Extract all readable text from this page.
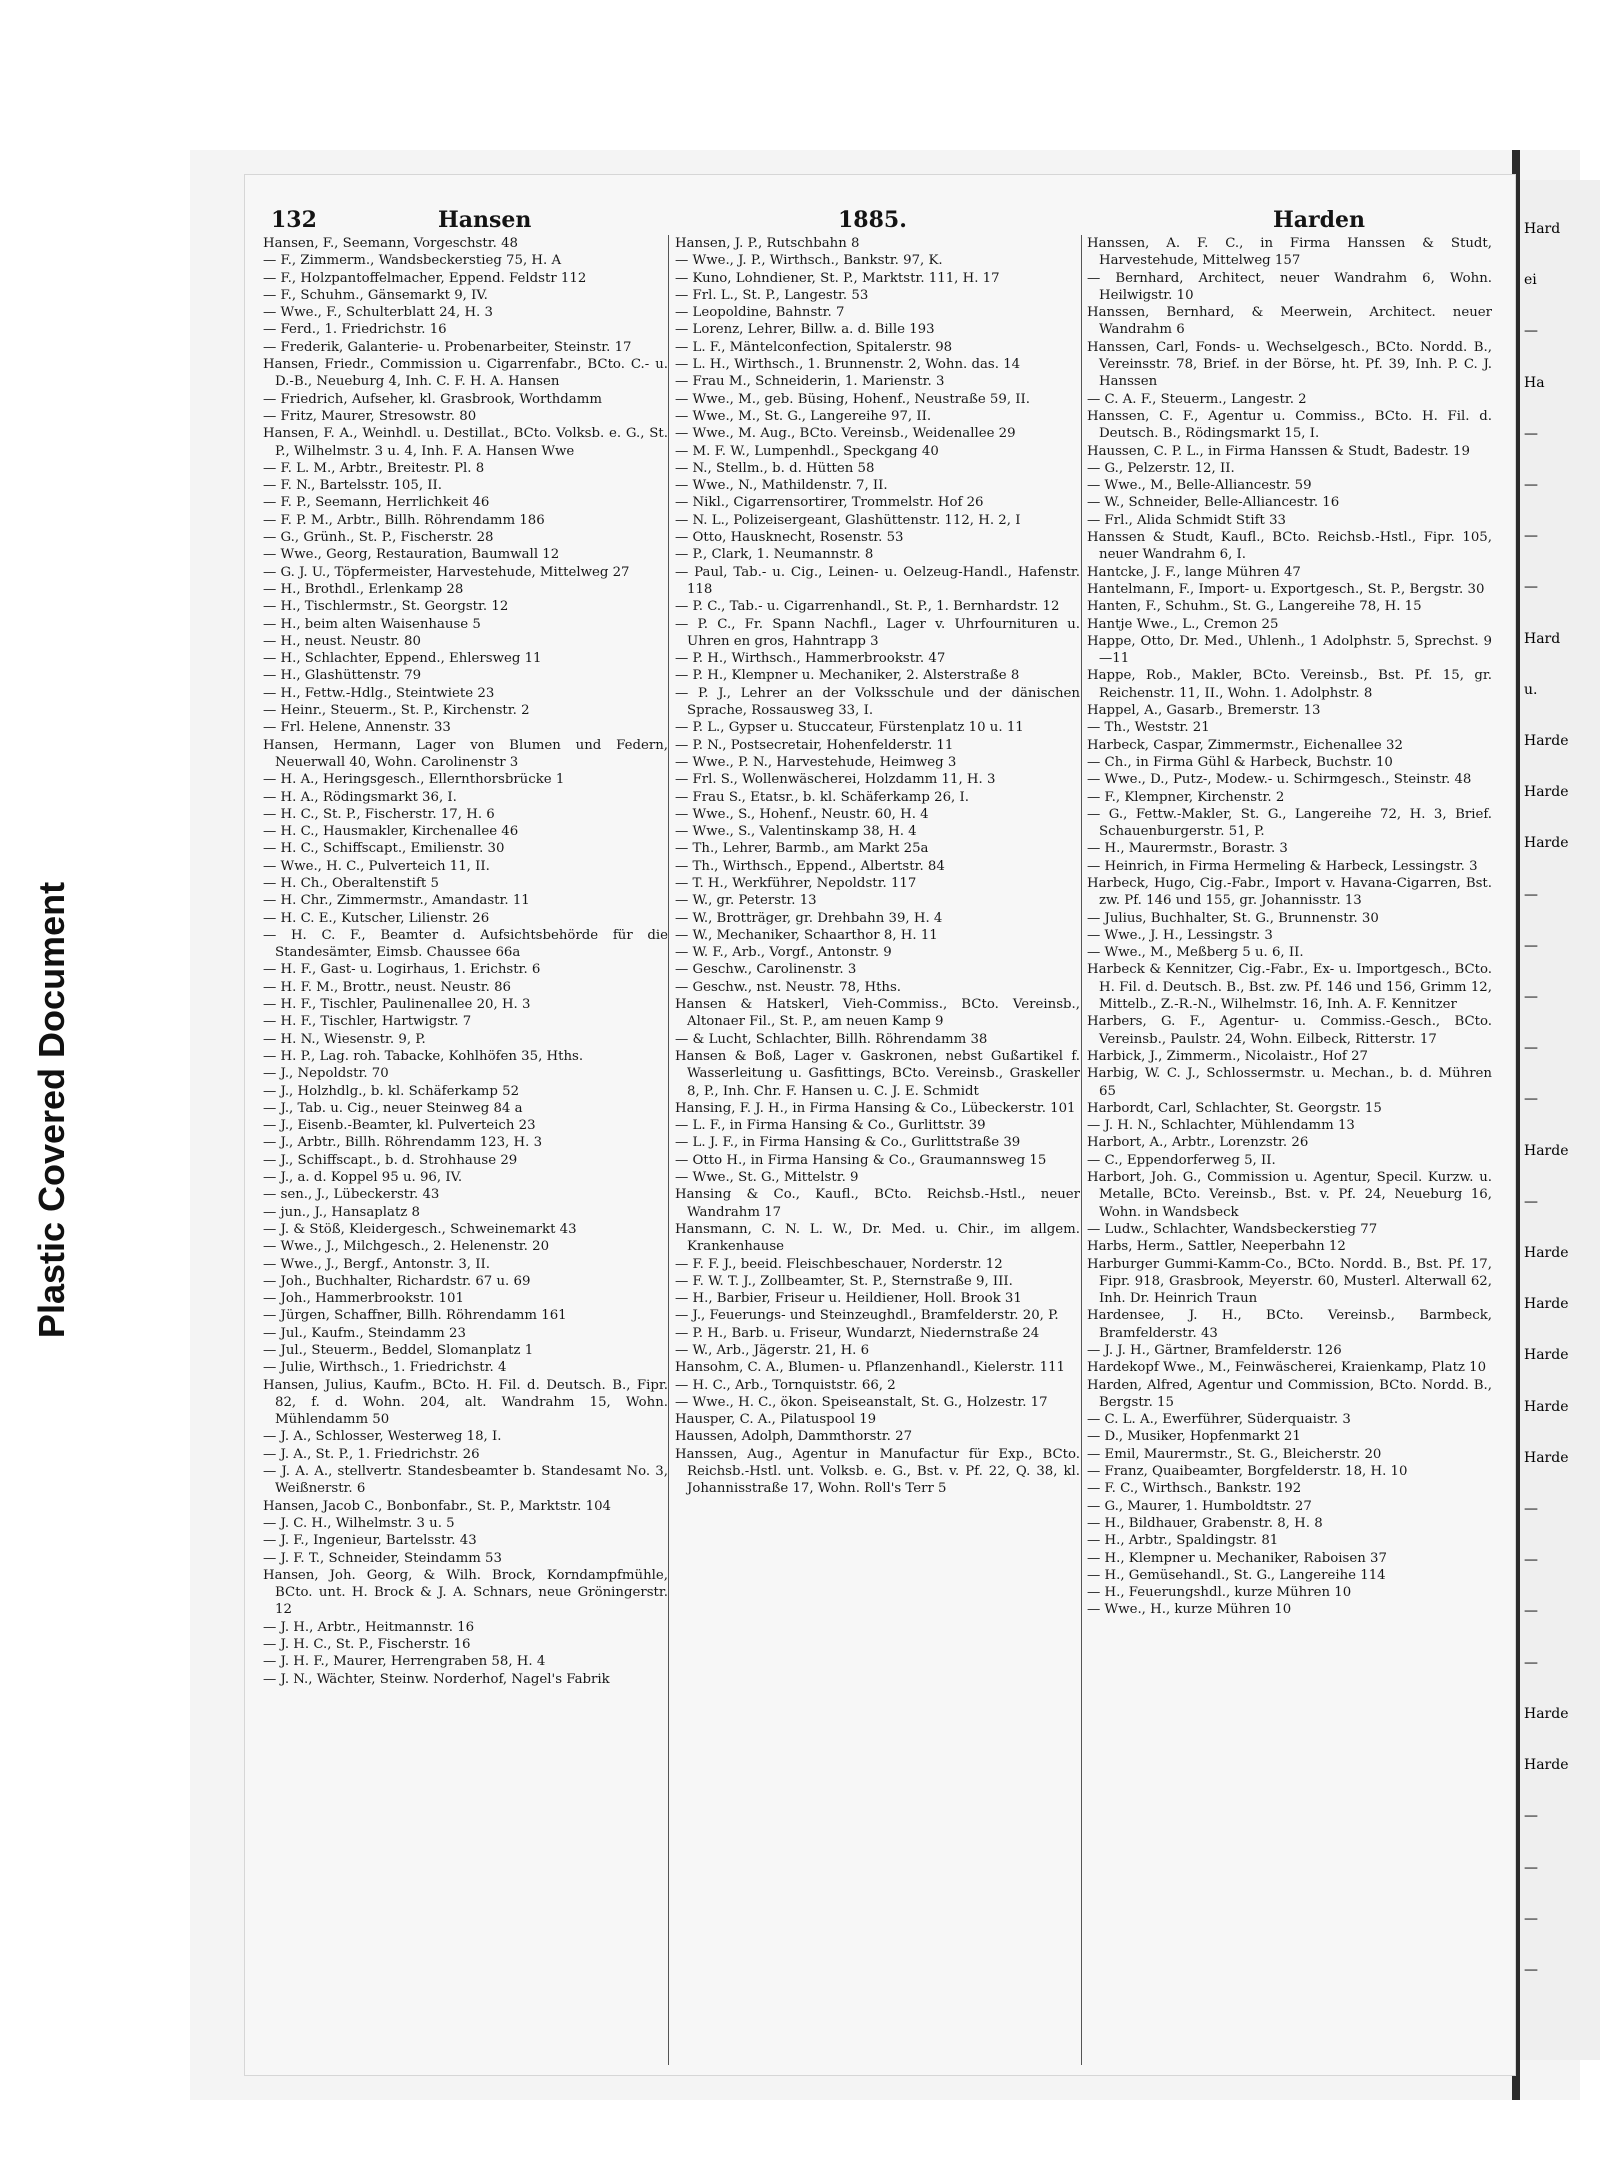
Plastic Covered Document
Hard
ei
—
Ha
—
—
—
—
Hard
u.
Harde
Harde
Harde
—
—
—
—
—
Harde
—
Harde
Harde
Harde
Harde
Harde
—
—
—
—
Harde
Harde
—
—
—
—
132	Hansen	1885.	Harden

Hansen, F., Seemann, Vorgeschstr. 48

— F., Zimmerm., Wandsbeckerstieg 75, H. A

— F., Holzpantoffelmacher, Eppend. Feldstr 112

— F., Schuhm., Gänsemarkt 9, IV.

— Wwe., F., Schulterblatt 24, H. 3

— Ferd., 1. Friedrichstr. 16

— Frederik, Galanterie- u. Probenarbeiter, Steinstr. 17

Hansen, Friedr., Commission u. Cigarrenfabr., BCto. C.- u. D.-B., Neueburg 4, Inh. C. F. H. A. Hansen

— Friedrich, Aufseher, kl. Grasbrook, Worthdamm

— Fritz, Maurer, Stresowstr. 80

Hansen, F. A., Weinhdl. u. Destillat., BCto. Volksb. e. G., St. P., Wilhelmstr. 3 u. 4, Inh. F. A. Hansen Wwe

— F. L. M., Arbtr., Breitestr. Pl. 8

— F. N., Bartelsstr. 105, II.

— F. P., Seemann, Herrlichkeit 46

— F. P. M., Arbtr., Billh. Röhrendamm 186

— G., Grünh., St. P., Fischerstr. 28

— Wwe., Georg, Restauration, Baumwall 12

— G. J. U., Töpfermeister, Harvestehude, Mittelweg 27

— H., Brothdl., Erlenkamp 28

— H., Tischlermstr., St. Georgstr. 12

— H., beim alten Waisenhause 5

— H., neust. Neustr. 80

— H., Schlachter, Eppend., Ehlersweg 11

— H., Glashüttenstr. 79

— H., Fettw.-Hdlg., Steintwiete 23

— Heinr., Steuerm., St. P., Kirchenstr. 2

— Frl. Helene, Annenstr. 33

Hansen, Hermann, Lager von Blumen und Federn, Neuerwall 40, Wohn. Carolinenstr 3

— H. A., Heringsgesch., Ellernthorsbrücke 1

— H. A., Rödingsmarkt 36, I.

— H. C., St. P., Fischerstr. 17, H. 6

— H. C., Hausmakler, Kirchenallee 46

— H. C., Schiffscapt., Emilienstr. 30

— Wwe., H. C., Pulverteich 11, II.

— H. Ch., Oberaltenstift 5

— H. Chr., Zimmermstr., Amandastr. 11

— H. C. E., Kutscher, Lilienstr. 26

— H. C. F., Beamter d. Aufsichtsbehörde für die Standesämter, Eimsb. Chaussee 66a

— H. F., Gast- u. Logirhaus, 1. Erichstr. 6

— H. F. M., Brottr., neust. Neustr. 86

— H. F., Tischler, Paulinenallee 20, H. 3

— H. F., Tischler, Hartwigstr. 7

— H. N., Wiesenstr. 9, P.

— H. P., Lag. roh. Tabacke, Kohlhöfen 35, Hths.

— J., Nepoldstr. 70

— J., Holzhdlg., b. kl. Schäferkamp 52

— J., Tab. u. Cig., neuer Steinweg 84 a

— J., Eisenb.-Beamter, kl. Pulverteich 23

— J., Arbtr., Billh. Röhrendamm 123, H. 3

— J., Schiffscapt., b. d. Strohhause 29

— J., a. d. Koppel 95 u. 96, IV.

— sen., J., Lübeckerstr. 43

— jun., J., Hansaplatz 8

— J. & Stöß, Kleidergesch., Schweinemarkt 43

— Wwe., J., Milchgesch., 2. Helenenstr. 20

— Wwe., J., Bergf., Antonstr. 3, II.

— Joh., Buchhalter, Richardstr. 67 u. 69

— Joh., Hammerbrookstr. 101

— Jürgen, Schaffner, Billh. Röhrendamm 161

— Jul., Kaufm., Steindamm 23

— Jul., Steuerm., Beddel, Slomanplatz 1

— Julie, Wirthsch., 1. Friedrichstr. 4

Hansen, Julius, Kaufm., BCto. H. Fil. d. Deutsch. B., Fipr. 82, f. d. Wohn. 204, alt. Wandrahm 15, Wohn. Mühlendamm 50

— J. A., Schlosser, Westerweg 18, I.

— J. A., St. P., 1. Friedrichstr. 26

— J. A. A., stellvertr. Standesbeamter b. Standesamt No. 3, Weißnerstr. 6

Hansen, Jacob C., Bonbonfabr., St. P., Marktstr. 104

— J. C. H., Wilhelmstr. 3 u. 5

— J. F., Ingenieur, Bartelsstr. 43

— J. F. T., Schneider, Steindamm 53

Hansen, Joh. Georg, & Wilh. Brock, Korndampfmühle, BCto. unt. H. Brock & J. A. Schnars, neue Gröningerstr. 12

— J. H., Arbtr., Heitmannstr. 16

— J. H. C., St. P., Fischerstr. 16

— J. H. F., Maurer, Herrengraben 58, H. 4

— J. N., Wächter, Steinw. Norderhof, Nagel's Fabrik

Hansen, J. P., Rutschbahn 8

— Wwe., J. P., Wirthsch., Bankstr. 97, K.

— Kuno, Lohndiener, St. P., Marktstr. 111, H. 17

— Frl. L., St. P., Langestr. 53

— Leopoldine, Bahnstr. 7

— Lorenz, Lehrer, Billw. a. d. Bille 193

— L. F., Mäntelconfection, Spitalerstr. 98

— L. H., Wirthsch., 1. Brunnenstr. 2, Wohn. das. 14

— Frau M., Schneiderin, 1. Marienstr. 3

— Wwe., M., geb. Büsing, Hohenf., Neustraße 59, II.

— Wwe., M., St. G., Langereihe 97, II.

— Wwe., M. Aug., BCto. Vereinsb., Weidenallee 29

— M. F. W., Lumpenhdl., Speckgang 40

— N., Stellm., b. d. Hütten 58

— Wwe., N., Mathildenstr. 7, II.

— Nikl., Cigarrensortirer, Trommelstr. Hof 26

— N. L., Polizeisergeant, Glashüttenstr. 112, H. 2, I

— Otto, Hausknecht, Rosenstr. 53

— P., Clark, 1. Neumannstr. 8

— Paul, Tab.- u. Cig., Leinen- u. Oelzeug-Handl., Hafenstr. 118

— P. C., Tab.- u. Cigarrenhandl., St. P., 1. Bernhardstr. 12

— P. C., Fr. Spann Nachfl., Lager v. Uhrfournituren u. Uhren en gros, Hahntrapp 3

— P. H., Wirthsch., Hammerbrookstr. 47

— P. H., Klempner u. Mechaniker, 2. Alsterstraße 8

— P. J., Lehrer an der Volksschule und der dänischen Sprache, Rossausweg 33, I.

— P. L., Gypser u. Stuccateur, Fürstenplatz 10 u. 11

— P. N., Postsecretair, Hohenfelderstr. 11

— Wwe., P. N., Harvestehude, Heimweg 3

— Frl. S., Wollenwäscherei, Holzdamm 11, H. 3

— Frau S., Etatsr., b. kl. Schäferkamp 26, I.

— Wwe., S., Hohenf., Neustr. 60, H. 4

— Wwe., S., Valentinskamp 38, H. 4

— Th., Lehrer, Barmb., am Markt 25a

— Th., Wirthsch., Eppend., Albertstr. 84

— T. H., Werkführer, Nepoldstr. 117

— W., gr. Peterstr. 13

— W., Brotträger, gr. Drehbahn 39, H. 4

— W., Mechaniker, Schaarthor 8, H. 11

— W. F., Arb., Vorgf., Antonstr. 9

— Geschw., Carolinenstr. 3

— Geschw., nst. Neustr. 78, Hths.

Hansen & Hatskerl, Vieh-Commiss., BCto. Vereinsb., Altonaer Fil., St. P., am neuen Kamp 9

— & Lucht, Schlachter, Billh. Röhrendamm 38

Hansen & Boß, Lager v. Gaskronen, nebst Gußartikel f. Wasserleitung u. Gasfittings, BCto. Vereinsb., Graskeller 8, P., Inh. Chr. F. Hansen u. C. J. E. Schmidt

Hansing, F. J. H., in Firma Hansing & Co., Lübeckerstr. 101

— L. F., in Firma Hansing & Co., Gurlittstr. 39

— L. J. F., in Firma Hansing & Co., Gurlittstraße 39

— Otto H., in Firma Hansing & Co., Graumannsweg 15

— Wwe., St. G., Mittelstr. 9

Hansing & Co., Kaufl., BCto. Reichsb.-Hstl., neuer Wandrahm 17

Hansmann, C. N. L. W., Dr. Med. u. Chir., im allgem. Krankenhause

— F. F. J., beeid. Fleischbeschauer, Norderstr. 12

— F. W. T. J., Zollbeamter, St. P., Sternstraße 9, III.

— H., Barbier, Friseur u. Heildiener, Holl. Brook 31

— J., Feuerungs- und Steinzeughdl., Bramfelderstr. 20, P.

— P. H., Barb. u. Friseur, Wundarzt, Niedernstraße 24

— W., Arb., Jägerstr. 21, H. 6

Hansohm, C. A., Blumen- u. Pflanzenhandl., Kielerstr. 111

— H. C., Arb., Tornquiststr. 66, 2

— Wwe., H. C., ökon. Speiseanstalt, St. G., Holzestr. 17

Hausper, C. A., Pilatuspool 19

Haussen, Adolph, Dammthorstr. 27

Hanssen, Aug., Agentur in Manufactur für Exp., BCto. Reichsb.-Hstl. unt. Volksb. e. G., Bst. v. Pf. 22, Q. 38, kl. Johannisstraße 17, Wohn. Roll's Terr 5

Hanssen, A. F. C., in Firma Hanssen & Studt, Harvestehude, Mittelweg 157

— Bernhard, Architect, neuer Wandrahm 6, Wohn. Heilwigstr. 10

Hanssen, Bernhard, & Meerwein, Architect. neuer Wandrahm 6

Hanssen, Carl, Fonds- u. Wechselgesch., BCto. Nordd. B., Vereinsstr. 78, Brief. in der Börse, ht. Pf. 39, Inh. P. C. J. Hanssen

— C. A. F., Steuerm., Langestr. 2

Hanssen, C. F., Agentur u. Commiss., BCto. H. Fil. d. Deutsch. B., Rödingsmarkt 15, I.

Haussen, C. P. L., in Firma Hanssen & Studt, Badestr. 19

— G., Pelzerstr. 12, II.

— Wwe., M., Belle-Alliancestr. 59

— W., Schneider, Belle-Alliancestr. 16

— Frl., Alida Schmidt Stift 33

Hanssen & Studt, Kaufl., BCto. Reichsb.-Hstl., Fipr. 105, neuer Wandrahm 6, I.

Hantcke, J. F., lange Mühren 47

Hantelmann, F., Import- u. Exportgesch., St. P., Bergstr. 30

Hanten, F., Schuhm., St. G., Langereihe 78, H. 15

Hantje Wwe., L., Cremon 25

Happe, Otto, Dr. Med., Uhlenh., 1 Adolphstr. 5, Sprechst. 9—11

Happe, Rob., Makler, BCto. Vereinsb., Bst. Pf. 15, gr. Reichenstr. 11, II., Wohn. 1. Adolphstr. 8

Happel, A., Gasarb., Bremerstr. 13

— Th., Weststr. 21

Harbeck, Caspar, Zimmermstr., Eichenallee 32

— Ch., in Firma Gühl & Harbeck, Buchstr. 10

— Wwe., D., Putz-, Modew.- u. Schirmgesch., Steinstr. 48

— F., Klempner, Kirchenstr. 2

— G., Fettw.-Makler, St. G., Langereihe 72, H. 3, Brief. Schauenburgerstr. 51, P.

— H., Maurermstr., Borastr. 3

— Heinrich, in Firma Hermeling & Harbeck, Lessingstr. 3

Harbeck, Hugo, Cig.-Fabr., Import v. Havana-Cigarren, Bst. zw. Pf. 146 und 155, gr. Johannisstr. 13

— Julius, Buchhalter, St. G., Brunnenstr. 30

— Wwe., J. H., Lessingstr. 3

— Wwe., M., Meßberg 5 u. 6, II.

Harbeck & Kennitzer, Cig.-Fabr., Ex- u. Importgesch., BCto. H. Fil. d. Deutsch. B., Bst. zw. Pf. 146 und 156, Grimm 12, Mittelb., Z.-R.-N., Wilhelmstr. 16, Inh. A. F. Kennitzer

Harbers, G. F., Agentur- u. Commiss.-Gesch., BCto. Vereinsb., Paulstr. 24, Wohn. Eilbeck, Ritterstr. 17

Harbick, J., Zimmerm., Nicolaistr., Hof 27

Harbig, W. C. J., Schlossermstr. u. Mechan., b. d. Mühren 65

Harbordt, Carl, Schlachter, St. Georgstr. 15

— J. H. N., Schlachter, Mühlendamm 13

Harbort, A., Arbtr., Lorenzstr. 26

— C., Eppendorferweg 5, II.

Harbort, Joh. G., Commission u. Agentur, Specil. Kurzw. u. Metalle, BCto. Vereinsb., Bst. v. Pf. 24, Neueburg 16, Wohn. in Wandsbeck

— Ludw., Schlachter, Wandsbeckerstieg 77

Harbs, Herm., Sattler, Neeperbahn 12

Harburger Gummi-Kamm-Co., BCto. Nordd. B., Bst. Pf. 17, Fipr. 918, Grasbrook, Meyerstr. 60, Musterl. Alterwall 62, Inh. Dr. Heinrich Traun

Hardensee, J. H., BCto. Vereinsb., Barmbeck, Bramfelderstr. 43

— J. J. H., Gärtner, Bramfelderstr. 126

Hardekopf Wwe., M., Feinwäscherei, Kraienkamp, Platz 10

Harden, Alfred, Agentur und Commission, BCto. Nordd. B., Bergstr. 15

— C. L. A., Ewerführer, Süderquaistr. 3

— D., Musiker, Hopfenmarkt 21

— Emil, Maurermstr., St. G., Bleicherstr. 20

— Franz, Quaibeamter, Borgfelderstr. 18, H. 10

— F. C., Wirthsch., Bankstr. 192

— G., Maurer, 1. Humboldtstr. 27

— H., Bildhauer, Grabenstr. 8, H. 8

— H., Arbtr., Spaldingstr. 81

— H., Klempner u. Mechaniker, Raboisen 37

— H., Gemüsehandl., St. G., Langereihe 114

— H., Feuerungshdl., kurze Mühren 10

— Wwe., H., kurze Mühren 10
